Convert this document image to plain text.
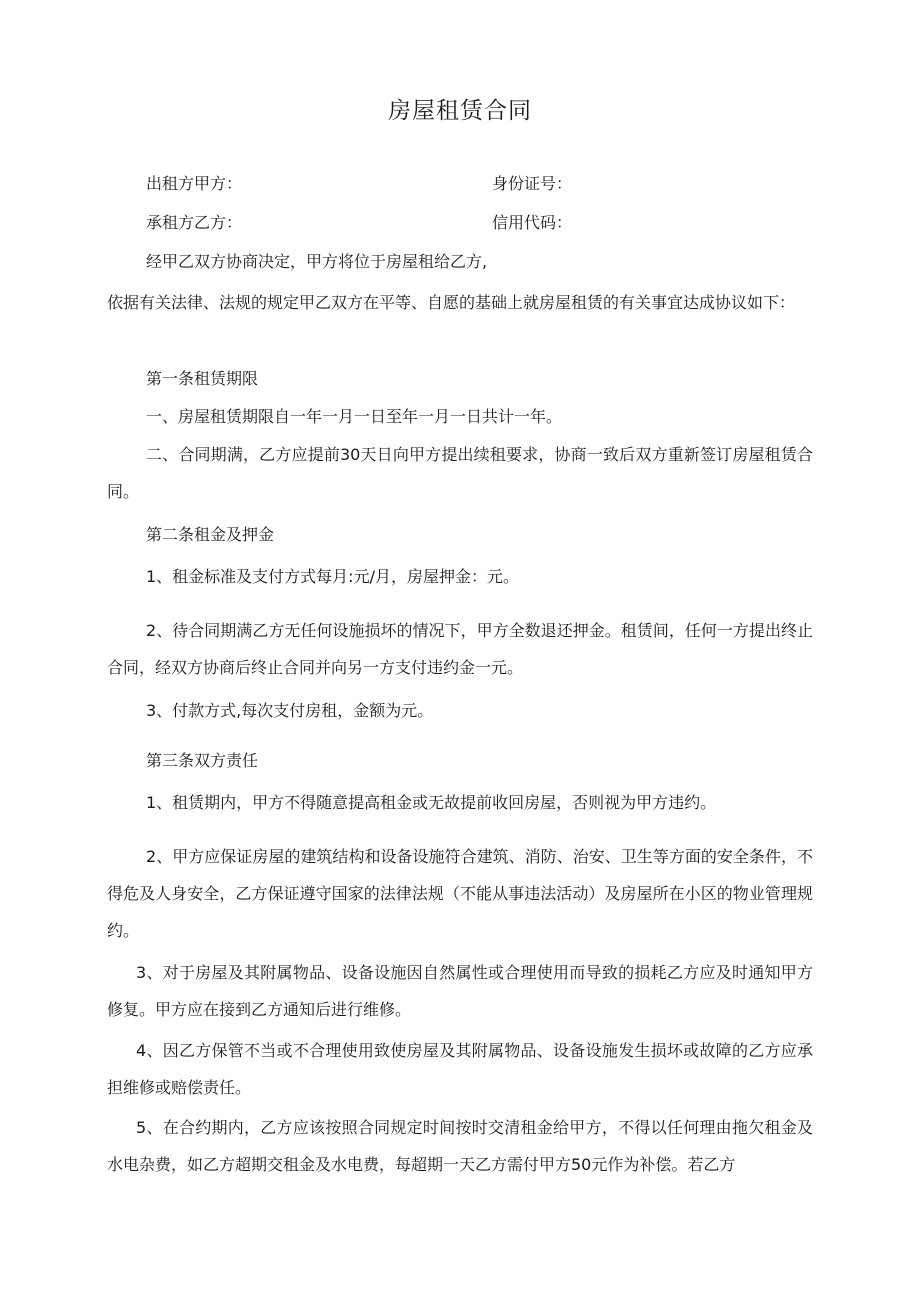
房屋租赁合同
出租方甲方：	身份证号：
承租方乙方：	信用代码：
经甲乙双方协商决定，甲方将位于房屋租给乙方,

依据有关法律、法规的规定甲乙双方在平等、自愿的基础上就房屋租赁的有关事宜达成协议如下：

第一条租赁期限

一、房屋租赁期限自一年一月一日至年一月一日共计一年。

二、合同期满，乙方应提前30天日向甲方提出续租要求，协商一致后双方重新签订房屋租赁合同。

第二条租金及押金

1、租金标准及支付方式每月:元/月，房屋押金：元。

2、待合同期满乙方无任何设施损坏的情况下，甲方全数退还押金。租赁间，任何一方提出终止合同，经双方协商后终止合同并向另一方支付违约金一元。

3、付款方式,每次支付房租，金额为元。

第三条双方责任

1、租赁期内，甲方不得随意提高租金或无故提前收回房屋，否则视为甲方违约。

2、甲方应保证房屋的建筑结构和设备设施符合建筑、消防、治安、卫生等方面的安全条件，不得危及人身安全，乙方保证遵守国家的法律法规（不能从事违法活动）及房屋所在小区的物业管理规约。

3、对于房屋及其附属物品、设备设施因自然属性或合理使用而导致的损耗乙方应及时通知甲方修复。甲方应在接到乙方通知后进行维修。

4、因乙方保管不当或不合理使用致使房屋及其附属物品、设备设施发生损坏或故障的乙方应承担维修或赔偿责任。

5、在合约期内，乙方应该按照合同规定时间按时交清租金给甲方，不得以任何理由拖欠租金及水电杂费，如乙方超期交租金及水电费，每超期一天乙方需付甲方50元作为补偿。若乙方
